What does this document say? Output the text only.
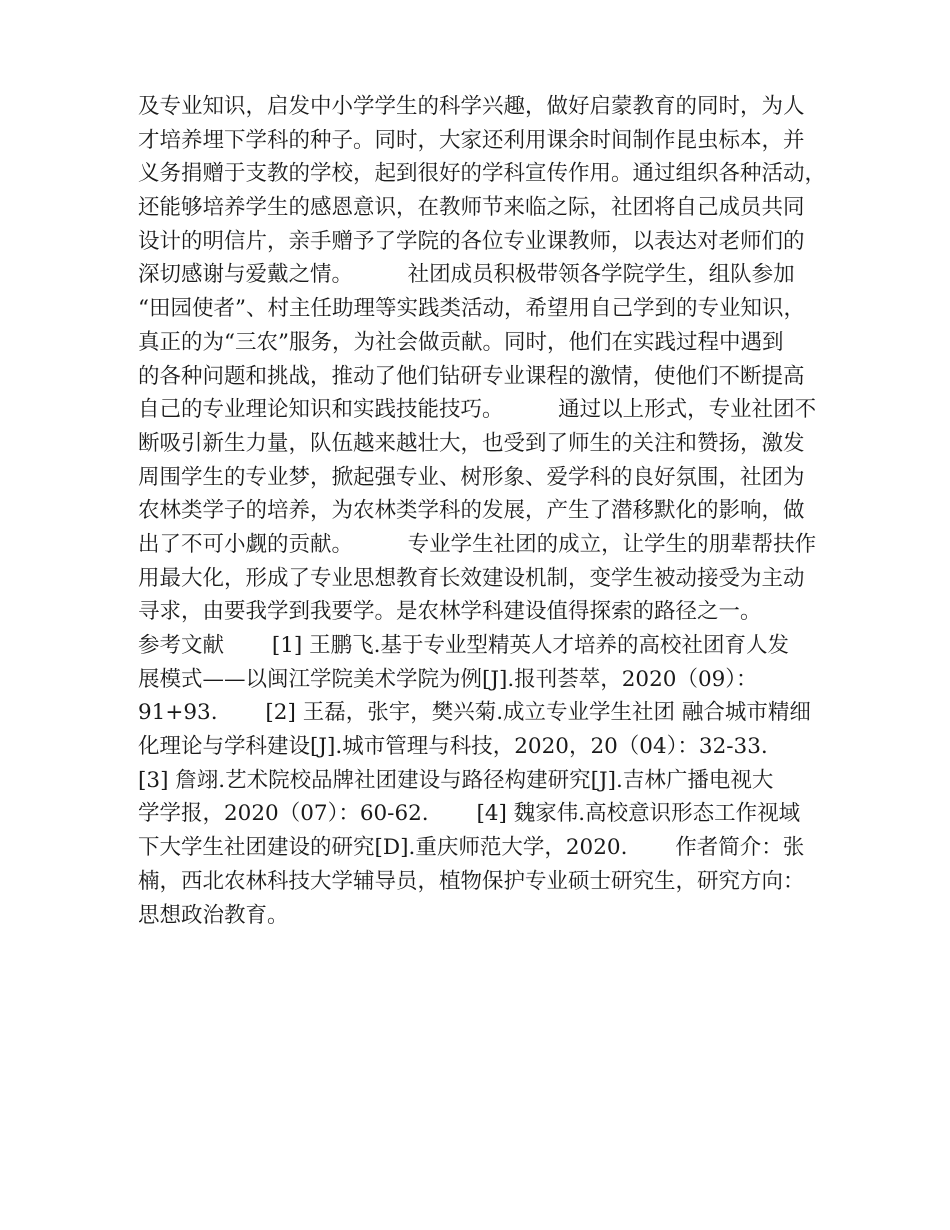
及专业知识，启发中小学学生的科学兴趣，做好启蒙教育的同时，为人
才培养埋下学科的种子。同时，大家还利用课余时间制作昆虫标本，并
义务捐赠于支教的学校，起到很好的学科宣传作用。通过组织各种活动，
还能够培养学生的感恩意识，在教师节来临之际，社团将自己成员共同
设计的明信片，亲手赠予了学院的各位专业课教师，以表达对老师们的
深切感谢与爱戴之情。        社团成员积极带领各学院学生，组队参加
“田园使者”、村主任助理等实践类活动，希望用自己学到的专业知识，
真正的为“三农”服务，为社会做贡献。同时，他们在实践过程中遇到
的各种问题和挑战，推动了他们钻研专业课程的激情，使他们不断提高
自己的专业理论知识和实践技能技巧。        通过以上形式，专业社团不
断吸引新生力量，队伍越来越壮大，也受到了师生的关注和赞扬，激发
周围学生的专业梦，掀起强专业、树形象、爱学科的良好氛围，社团为
农林类学子的培养，为农林类学科的发展，产生了潜移默化的影响，做
出了不可小觑的贡献。        专业学生社团的成立，让学生的朋辈帮扶作
用最大化，形成了专业思想教育长效建设机制，变学生被动接受为主动
寻求，由要我学到我要学。是农林学科建设值得探索的路径之一。
参考文献       [1] 王鹏飞.基于专业型精英人才培养的高校社团育人发
展模式——以闽江学院美术学院为例[J].报刊荟萃，2020（09）：
91+93.       [2] 王磊，张宇，樊兴菊.成立专业学生社团 融合城市精细
化理论与学科建设[J].城市管理与科技，2020，20（04）：32-33.
[3] 詹翊.艺术院校品牌社团建设与路径构建研究[J].吉林广播电视大
学学报，2020（07）：60-62.       [4] 魏家伟.高校意识形态工作视域
下大学生社团建设的研究[D].重庆师范大学，2020.       作者简介：张
楠，西北农林科技大学辅导员，植物保护专业硕士研究生，研究方向：
思想政治教育。
